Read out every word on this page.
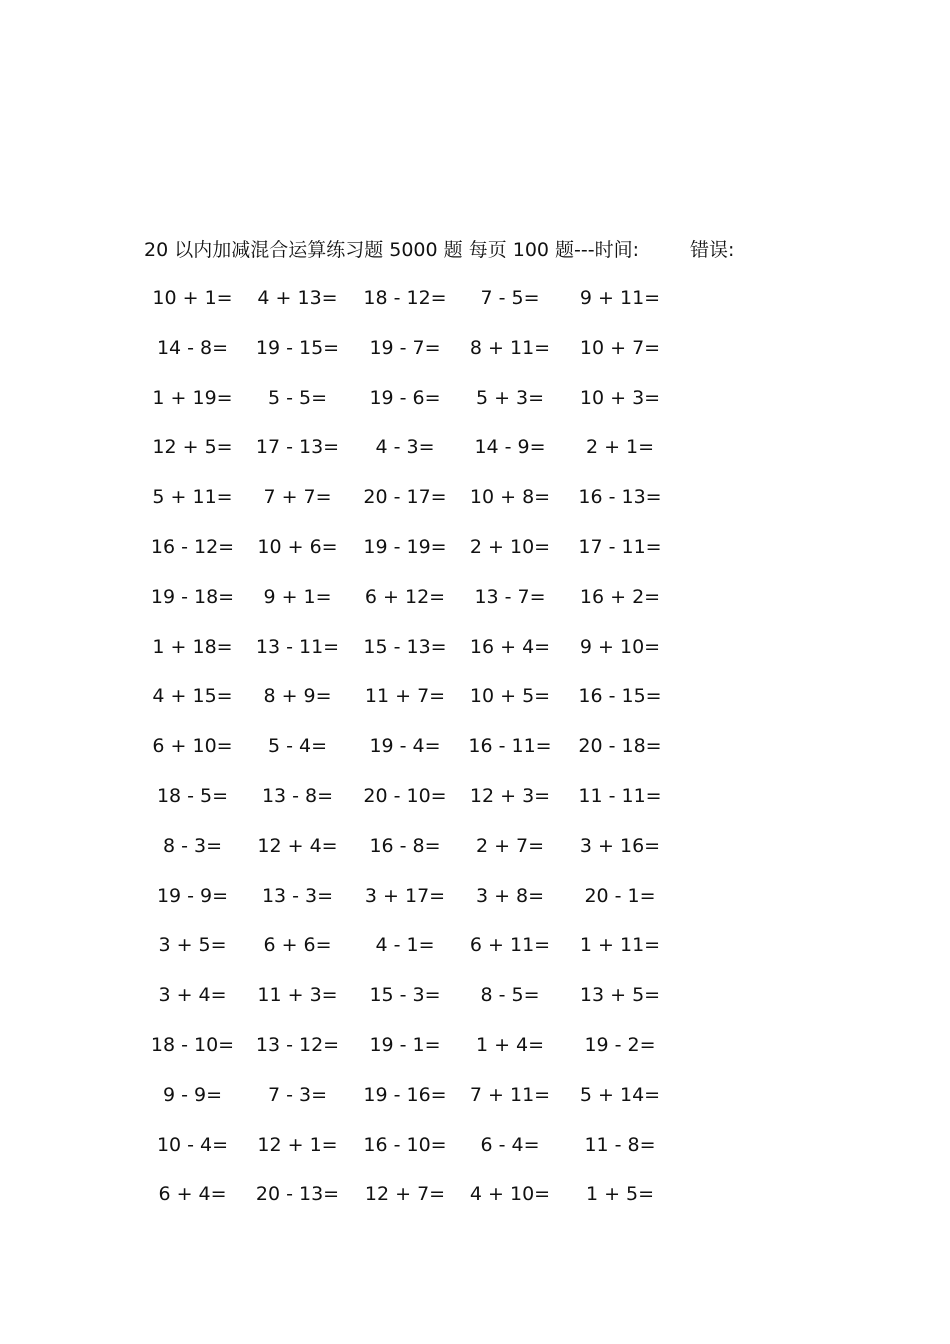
20 以内加减混合运算练习题 5000 题 每页 100 题---时间:	错误:
10 + 1=	4 + 13=	18 - 12=	7 - 5=	9 + 11=
14 - 8=	19 - 15=	19 - 7=	8 + 11=	10 + 7=
1 + 19=	5 - 5=	19 - 6=	5 + 3=	10 + 3=
12 + 5=	17 - 13=	4 - 3=	14 - 9=	2 + 1=
5 + 11=	7 + 7=	20 - 17=	10 + 8=	16 - 13=
16 - 12=	10 + 6=	19 - 19=	2 + 10=	17 - 11=
19 - 18=	9 + 1=	6 + 12=	13 - 7=	16 + 2=
1 + 18=	13 - 11=	15 - 13=	16 + 4=	9 + 10=
4 + 15=	8 + 9=	11 + 7=	10 + 5=	16 - 15=
6 + 10=	5 - 4=	19 - 4=	16 - 11=	20 - 18=
18 - 5=	13 - 8=	20 - 10=	12 + 3=	11 - 11=
8 - 3=	12 + 4=	16 - 8=	2 + 7=	3 + 16=
19 - 9=	13 - 3=	3 + 17=	3 + 8=	20 - 1=
3 + 5=	6 + 6=	4 - 1=	6 + 11=	1 + 11=
3 + 4=	11 + 3=	15 - 3=	8 - 5=	13 + 5=
18 - 10=	13 - 12=	19 - 1=	1 + 4=	19 - 2=
9 - 9=	7 - 3=	19 - 16=	7 + 11=	5 + 14=
10 - 4=	12 + 1=	16 - 10=	6 - 4=	11 - 8=
6 + 4=	20 - 13=	12 + 7=	4 + 10=	1 + 5=
